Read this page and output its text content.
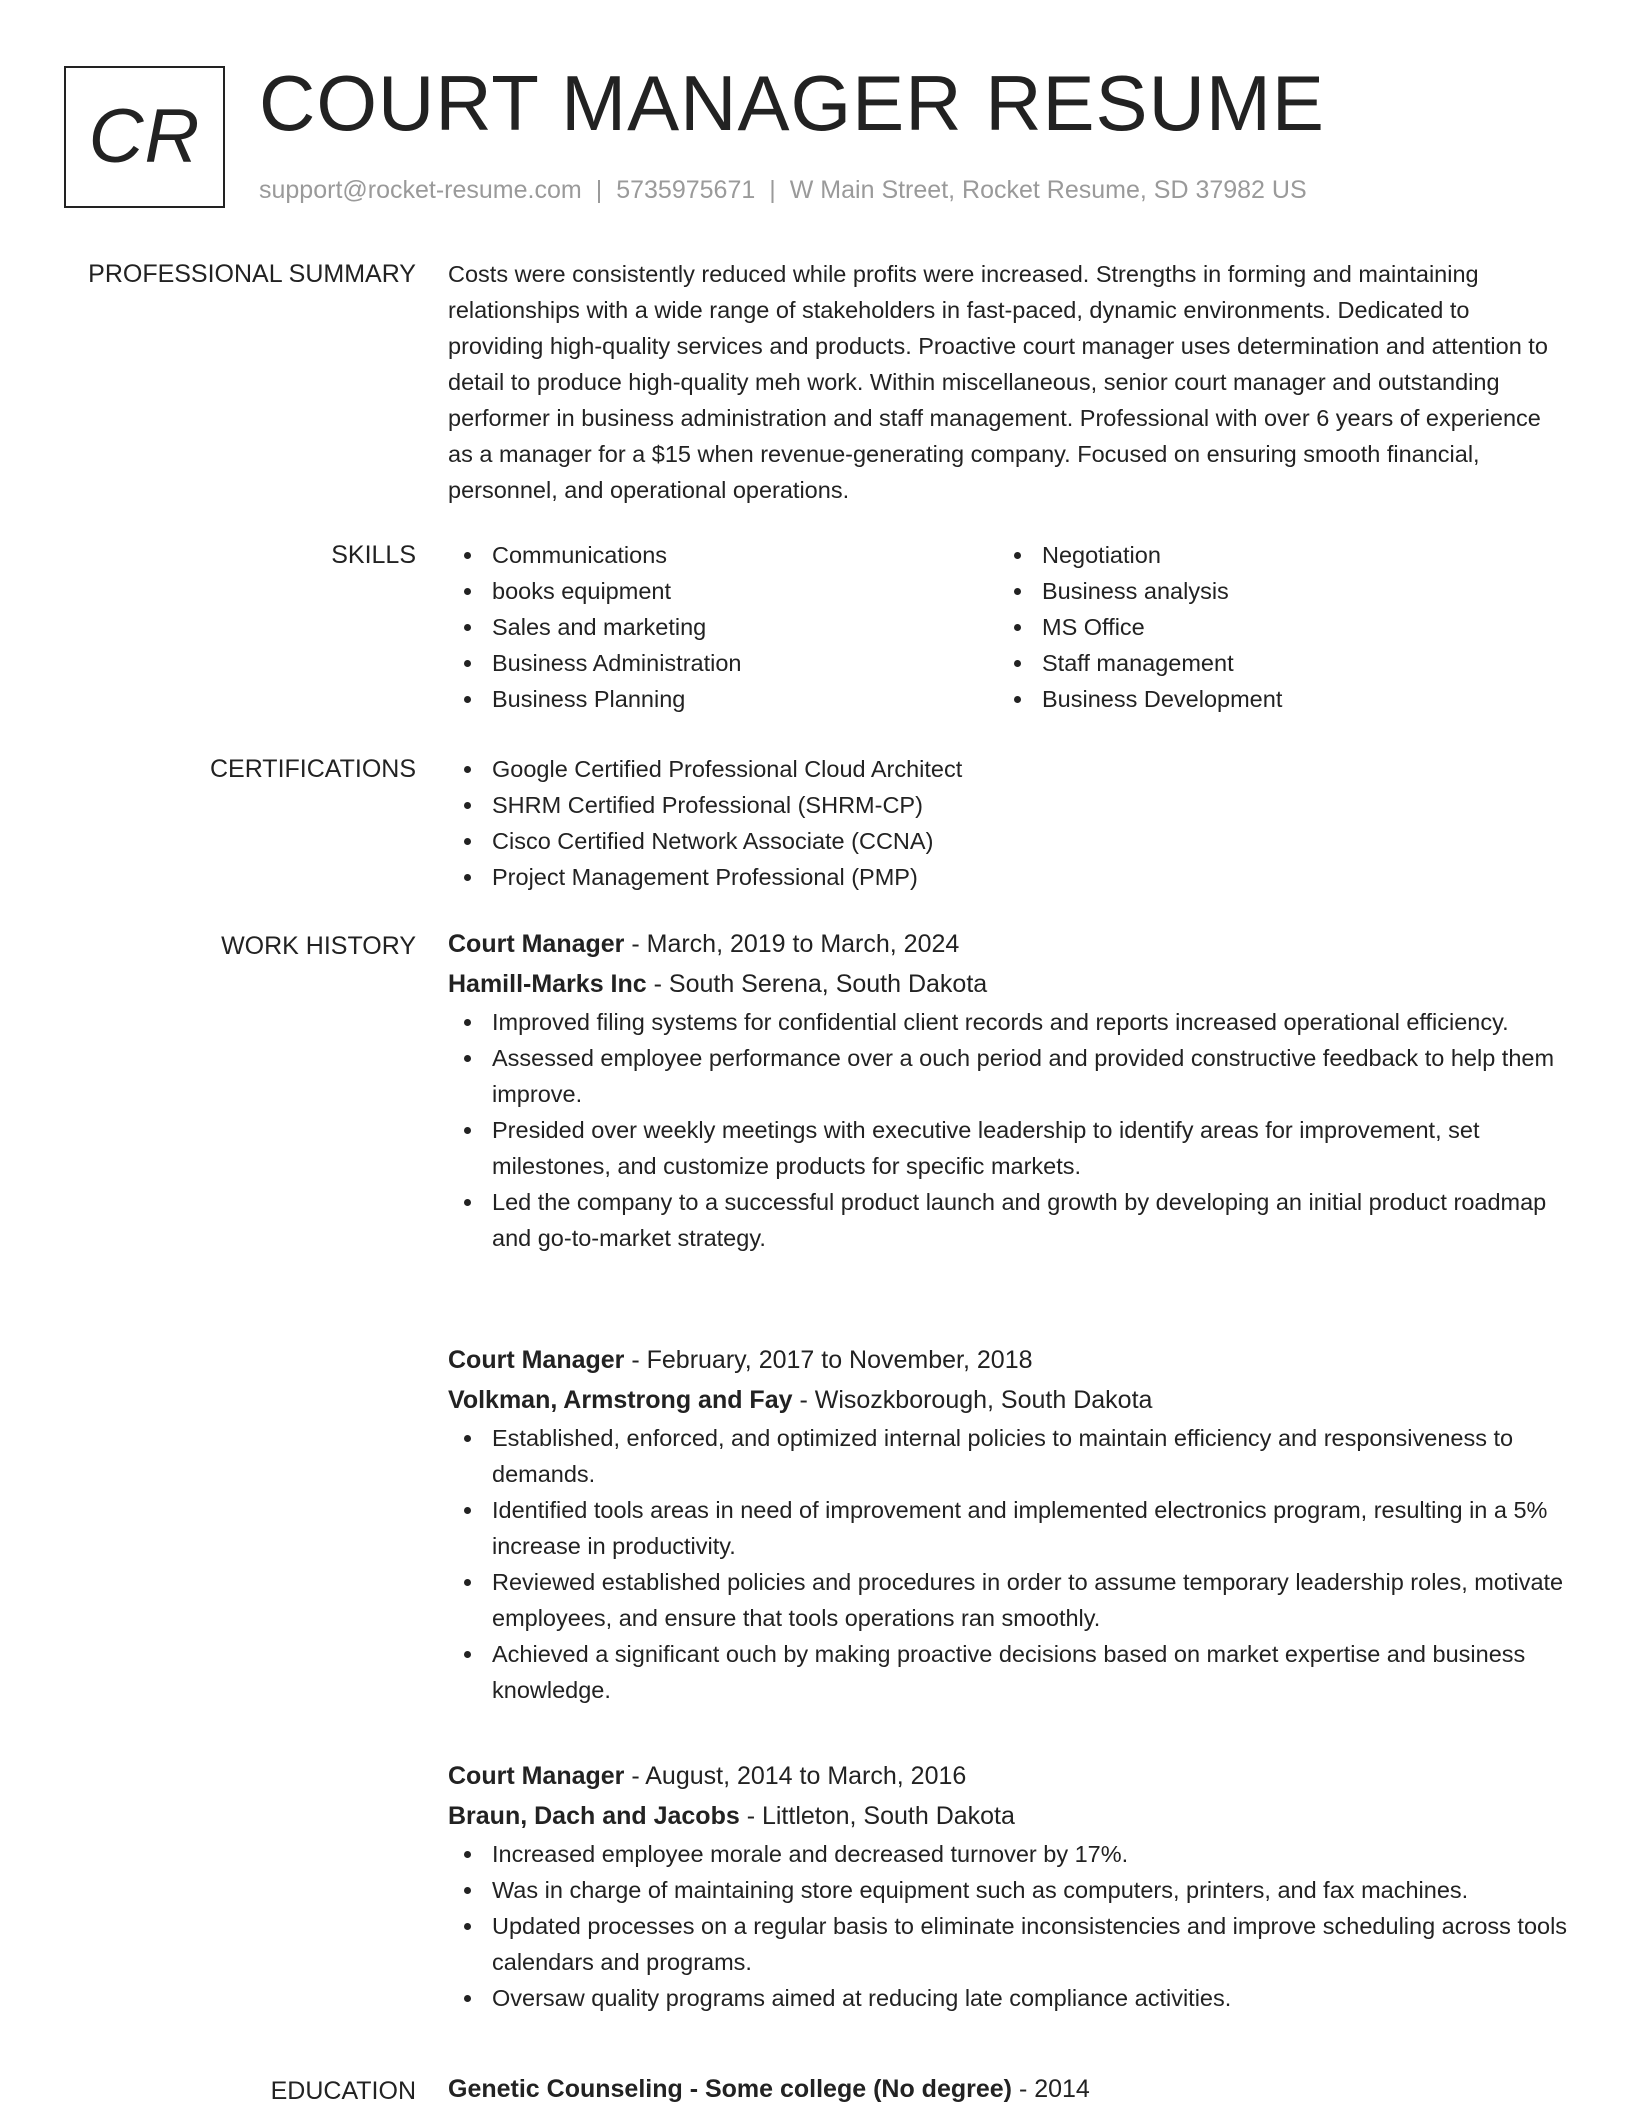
CR COURT MANAGER RESUME
support@rocket-resume.com | 5735975671 | W Main Street, Rocket Resume, SD 37982 US
PROFESSIONAL SUMMARY Costs were consistently reduced while profits were increased. Strengths in forming and maintaining relationships with a wide range of stakeholders in fast-paced, dynamic environments. Dedicated to providing high-quality services and products. Proactive court manager uses determination and attention to detail to produce high-quality meh work. Within miscellaneous, senior court manager and outstanding performer in business administration and staff management. Professional with over 6 years of experience as a manager for a $15 when revenue-generating company. Focused on ensuring smooth financial, personnel, and operational operations.

SKILLS	Communications
books equipment
Sales and marketing
Business Administration
Business Planning
Negotiation
Business analysis
MS Office
Staff management
Business Development
CERTIFICATIONS	Google Certified Professional Cloud Architect
SHRM Certified Professional (SHRM-CP)
Cisco Certified Network Associate (CCNA)
Project Management Professional (PMP)
WORK HISTORY Court Manager - March, 2019 to March, 2024

Hamill-Marks Inc - South Serena, South Dakota

Improved filing systems for confidential client records and reports increased operational efficiency.
Assessed employee performance over a ouch period and provided constructive feedback to help them improve.
Presided over weekly meetings with executive leadership to identify areas for improvement, set milestones, and customize products for specific markets.
Led the company to a successful product launch and growth by developing an initial product roadmap and go-to-market strategy.

Court Manager - February, 2017 to November, 2018

Volkman, Armstrong and Fay - Wisozkborough, South Dakota

Established, enforced, and optimized internal policies to maintain efficiency and responsiveness to demands.
Identified tools areas in need of improvement and implemented electronics program, resulting in a 5% increase in productivity.
Reviewed established policies and procedures in order to assume temporary leadership roles, motivate employees, and ensure that tools operations ran smoothly.
Achieved a significant ouch by making proactive decisions based on market expertise and business knowledge.

Court Manager - August, 2014 to March, 2016

Braun, Dach and Jacobs - Littleton, South Dakota

Increased employee morale and decreased turnover by 17%.
Was in charge of maintaining store equipment such as computers, printers, and fax machines.
Updated processes on a regular basis to eliminate inconsistencies and improve scheduling across tools calendars and programs.
Oversaw quality programs aimed at reducing late compliance activities.
EDUCATION Genetic Counseling - Some college (No degree) - 2014
